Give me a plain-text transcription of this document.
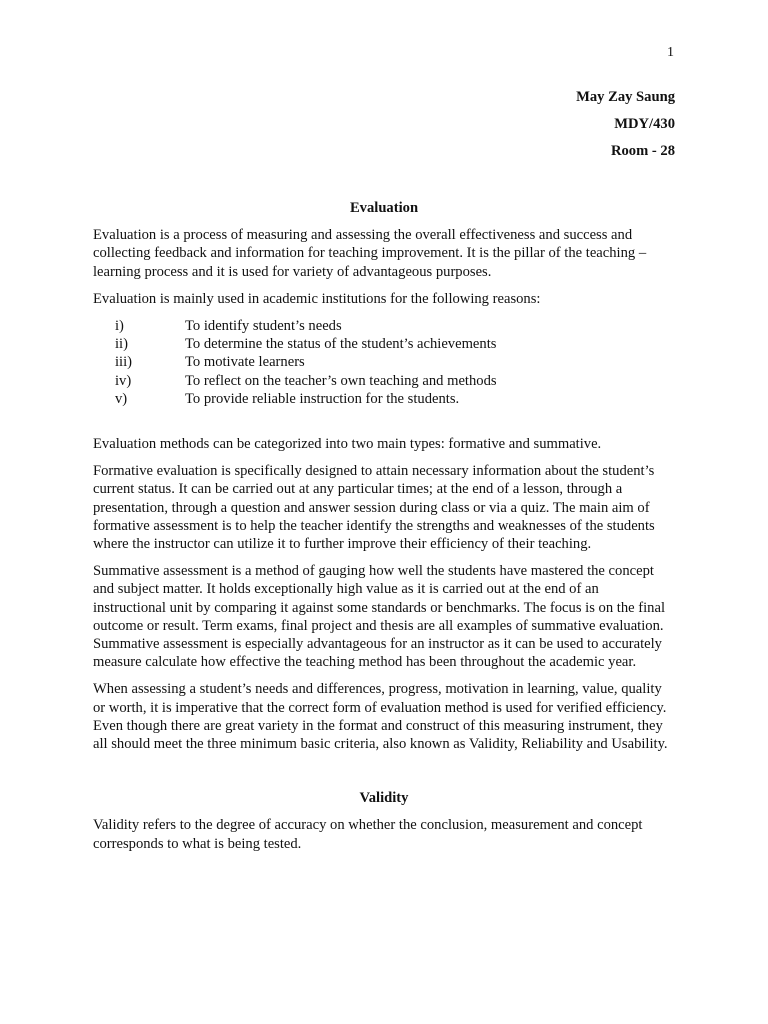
1
May Zay Saung
MDY/430
Room - 28
Evaluation

Evaluation is a process of measuring and assessing the overall effectiveness and success and collecting feedback and information for teaching improvement. It is the pillar of the teaching – learning process and it is used for variety of advantageous purposes.

Evaluation is mainly used in academic institutions for the following reasons:

i)	To identify student’s needs
ii)	To determine the status of the student’s achievements
iii)	To motivate learners
iv)	To reflect on the teacher’s own teaching and methods
v)	To provide reliable instruction for the students.

Evaluation methods can be categorized into two main types: formative and summative.

Formative evaluation is specifically designed to attain necessary information about the student’s current status. It can be carried out at any particular times; at the end of a lesson, through a presentation, through a question and answer session during class or via a quiz. The main aim of formative assessment is to help the teacher identify the strengths and weaknesses of the students where the instructor can utilize it to further improve their efficiency of their teaching.

Summative assessment is a method of gauging how well the students have mastered the concept and subject matter. It holds exceptionally high value as it is carried out at the end of an instructional unit by comparing it against some standards or benchmarks. The focus is on the final outcome or result. Term exams, final project and thesis are all examples of summative evaluation. Summative assessment is especially advantageous for an instructor as it can be used to accurately measure calculate how effective the teaching method has been throughout the academic year.

When assessing a student’s needs and differences, progress, motivation in learning, value, quality or worth, it is imperative that the correct form of evaluation method is used for verified efficiency. Even though there are great variety in the format and construct of this measuring instrument, they all should meet the three minimum basic criteria, also known as Validity, Reliability and Usability.

Validity

Validity refers to the degree of accuracy on whether the conclusion, measurement and concept corresponds to what is being tested.
